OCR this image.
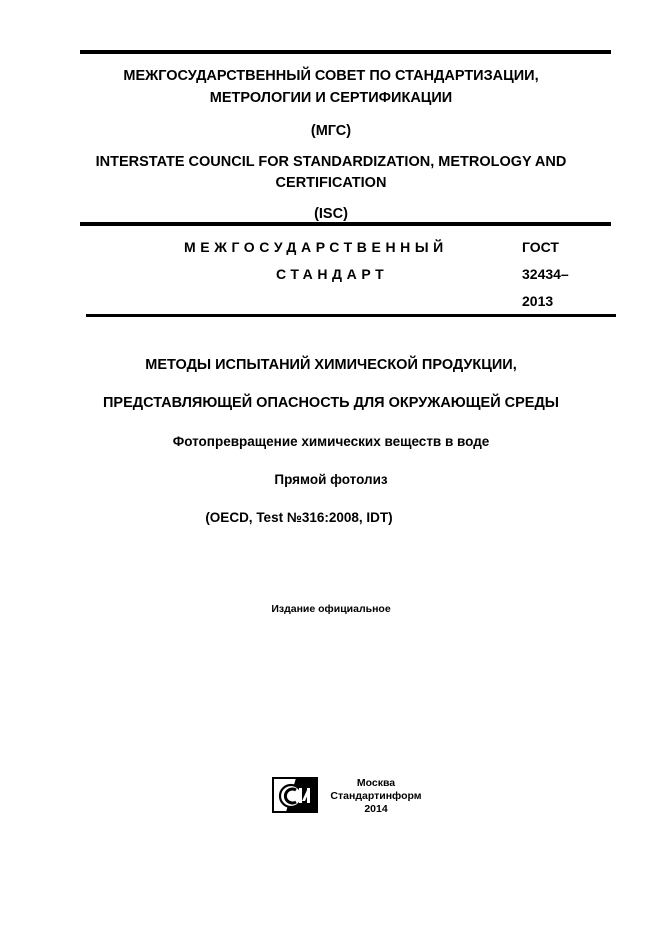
МЕЖГОСУДАРСТВЕННЫЙ СОВЕТ ПО СТАНДАРТИЗАЦИИ,
МЕТРОЛОГИИ И СЕРТИФИКАЦИИ
(МГС)
INTERSTATE COUNCIL FOR STANDARDIZATION, METROLOGY AND
CERTIFICATION
(ISC)
МЕЖГОСУДАРСТВЕННЫЙ
СТАНДАРТ
ГОСТ
32434–
2013
МЕТОДЫ ИСПЫТАНИЙ ХИМИЧЕСКОЙ ПРОДУКЦИИ,
ПРЕДСТАВЛЯЮЩЕЙ ОПАСНОСТЬ ДЛЯ ОКРУЖАЮЩЕЙ СРЕДЫ
Фотопревращение химических веществ в воде
Прямой фотолиз
(OECD, Test №316:2008, IDT)
Издание официальное
Москва
Стандартинформ
2014
